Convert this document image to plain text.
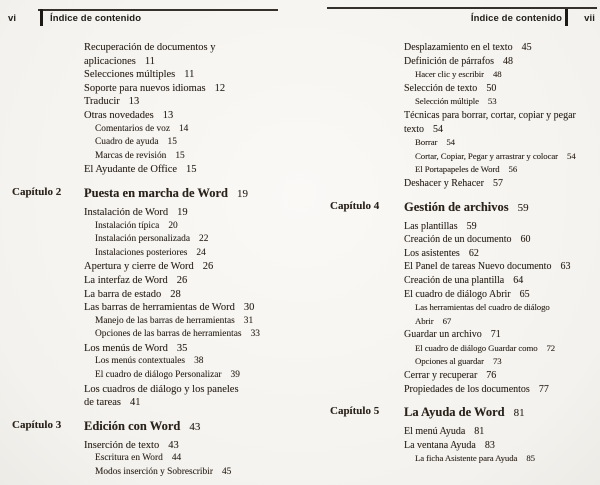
vi	Índice de contenido
Recuperación de documentos y
aplicaciones 11
Selecciones múltiples 11
Soporte para nuevos idiomas 12
Traducir 13
Otras novedades 13
Comentarios de voz 14
Cuadro de ayuda 15
Marcas de revisión 15
El Ayudante de Office 15
Capítulo 2 Puesta en marcha de Word 19
Instalación de Word 19
Instalación típica 20
Instalación personalizada 22
Instalaciones posteriores 24
Apertura y cierre de Word 26
La interfaz de Word 26
La barra de estado 28
Las barras de herramientas de Word 30
Manejo de las barras de herramientas 31
Opciones de las barras de herramientas 33
Los menús de Word 35
Los menús contextuales 38
El cuadro de diálogo Personalizar 39
Los cuadros de diálogo y los paneles
de tareas 41
Capítulo 3 Edición con Word 43
Inserción de texto 43
Escritura en Word 44
Modos inserción y Sobrescribir 45
Índice de contenido vii
Desplazamiento en el texto 45
Definición de párrafos 48
Hacer clic y escribir 48
Selección de texto 50
Selección múltiple 53
Técnicas para borrar, cortar, copiar y pegar
texto 54
Borrar 54
Cortar, Copiar, Pegar y arrastrar y colocar 54
El Portapapeles de Word 56
Deshacer y Rehacer 57
Capítulo 4 Gestión de archivos 59
Las plantillas 59
Creación de un documento 60
Los asistentes 62
El Panel de tareas Nuevo documento 63
Creación de una plantilla 64
El cuadro de diálogo Abrir 65
Las herramientas del cuadro de diálogo
Abrir 67
Guardar un archivo 71
El cuadro de diálogo Guardar como 72
Opciones al guardar 73
Cerrar y recuperar 76
Propiedades de los documentos 77
Capítulo 5 La Ayuda de Word 81
El menú Ayuda 81
La ventana Ayuda 83
La ficha Asistente para Ayuda 85
